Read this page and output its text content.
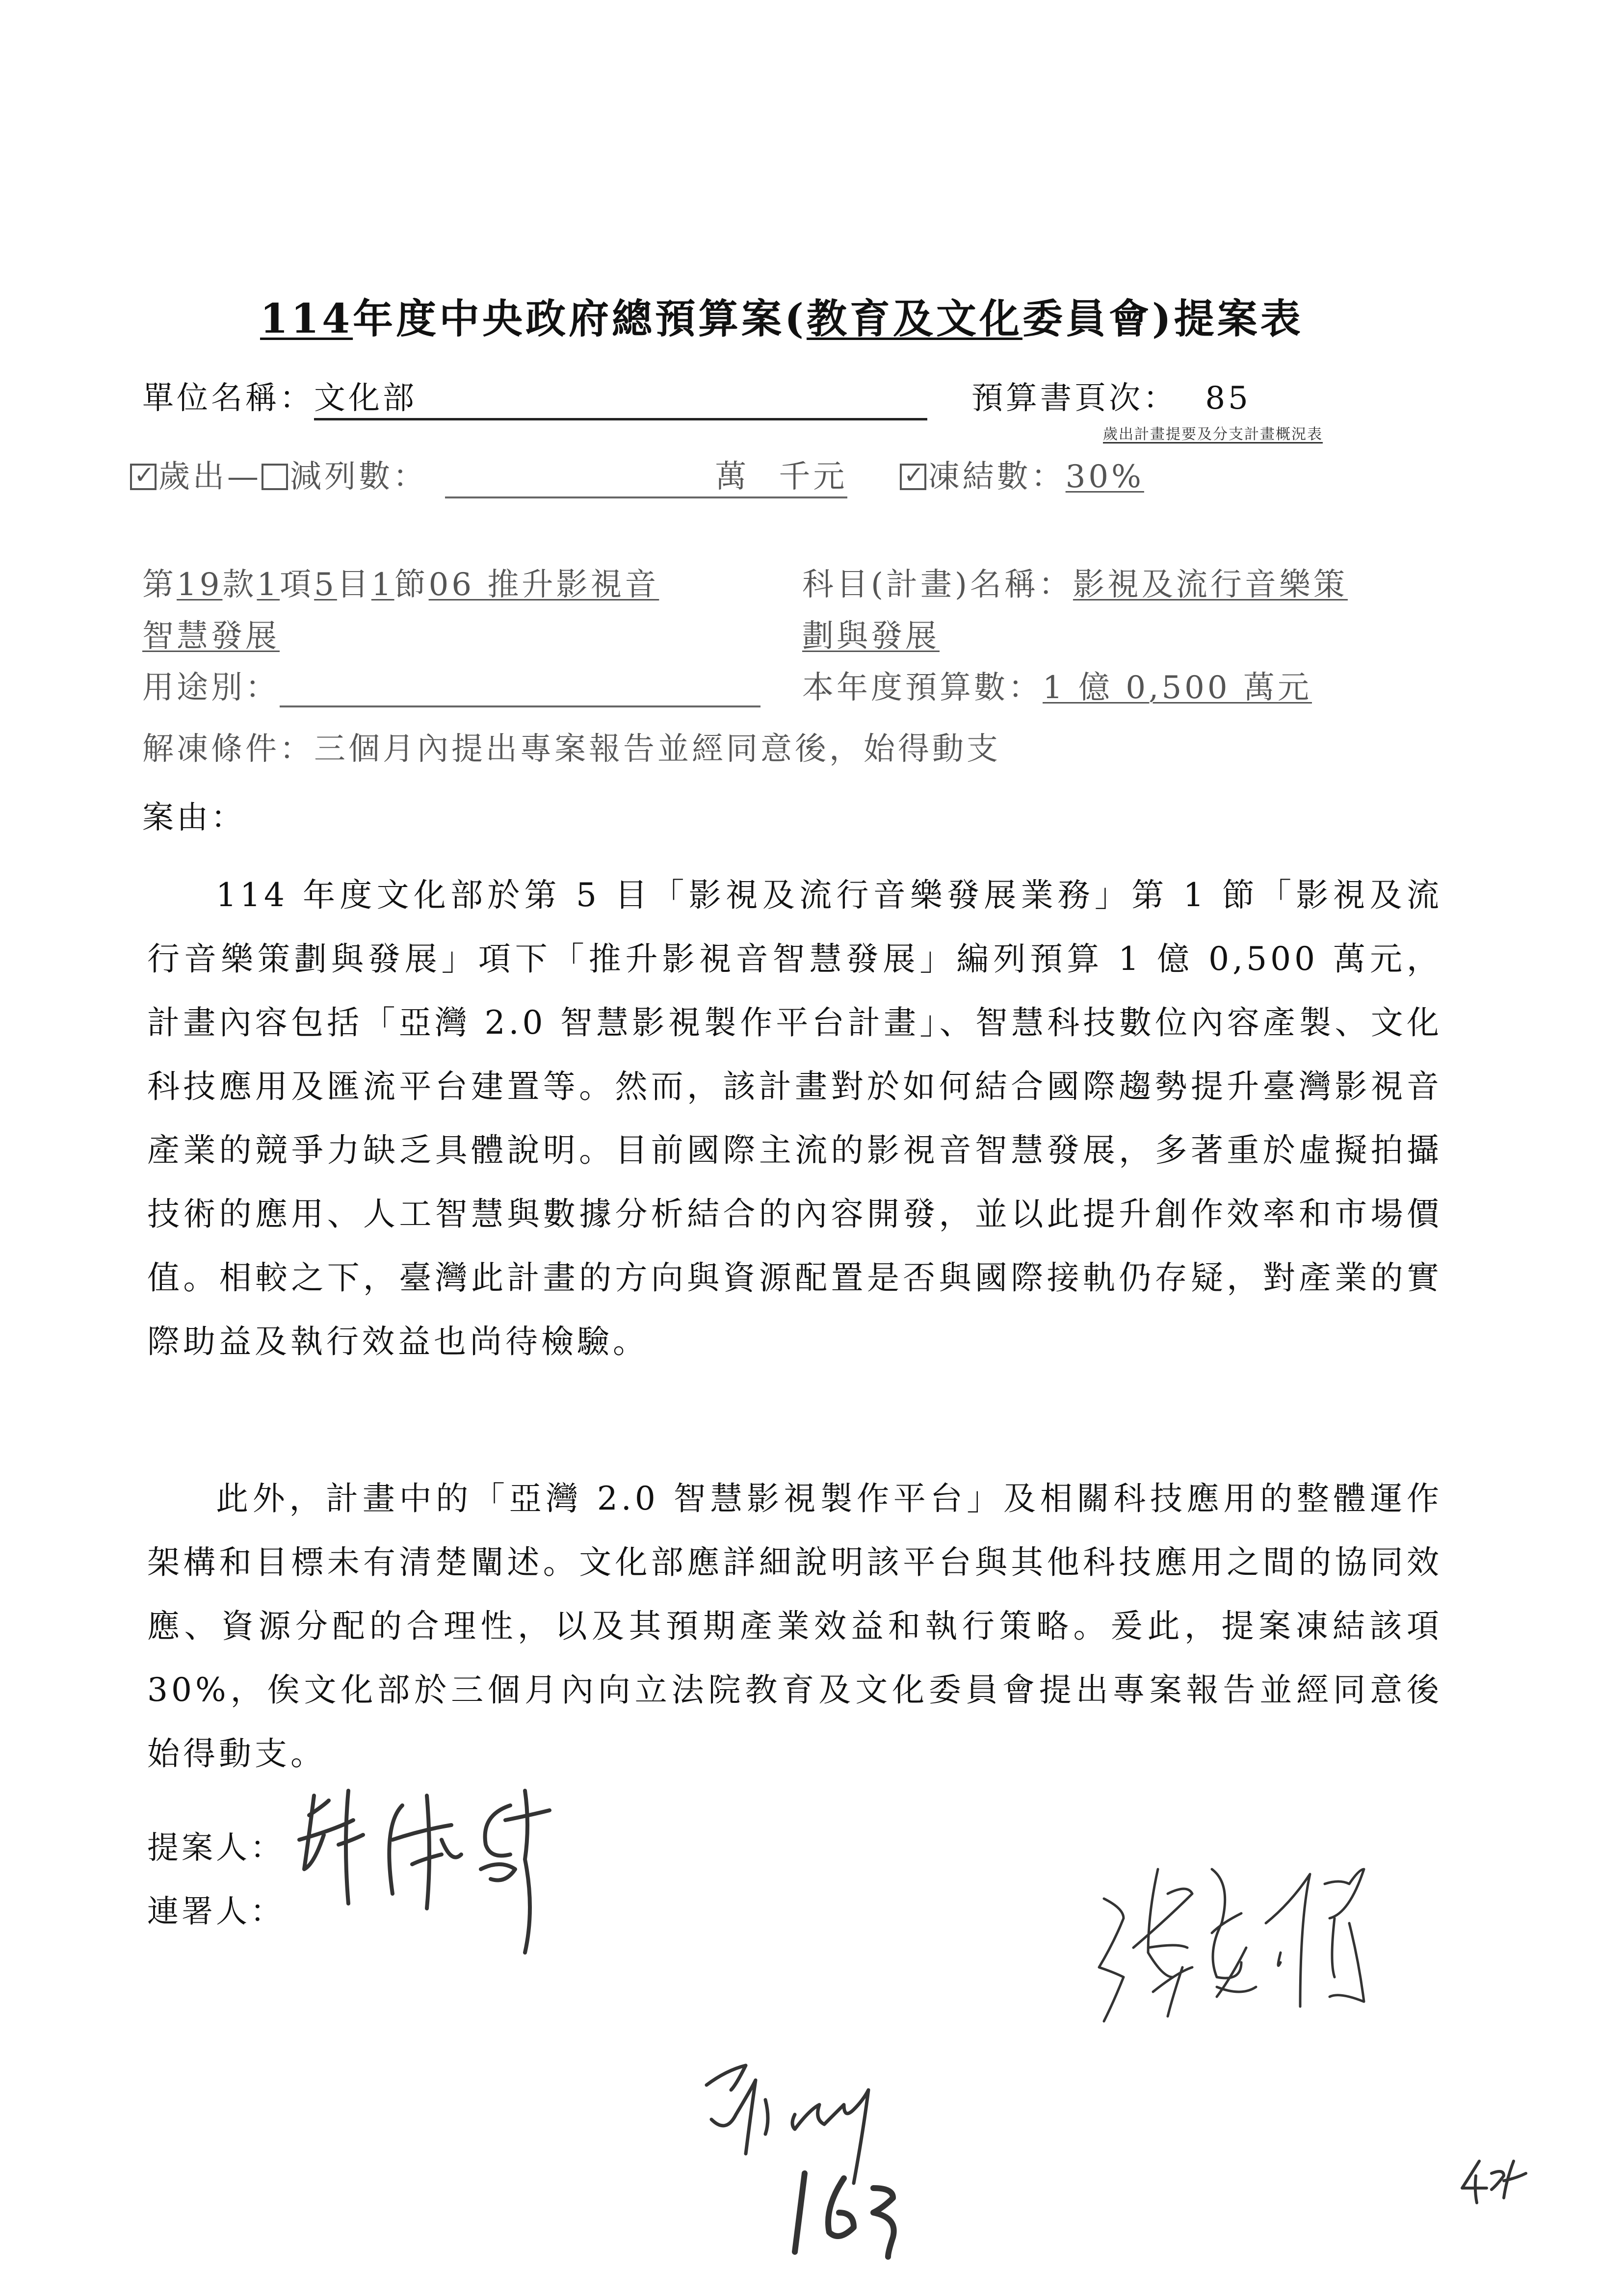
114年度中央政府總預算案(教育及文化委員會)提案表
單位名稱：文化部	預算書頁次： 85
歲出計畫提要及分支計畫概況表
✓歲出— 減列數：	萬 千元 ✓	凍結數：30%
第19款1項5目1節06 推升影視音
智慧發展
科目(計畫)名稱：影視及流行音樂策
劃與發展
用途別：	本年度預算數：1 億 0,500 萬元
解凍條件：三個月內提出專案報告並經同意後，始得動支
案由：

114 年度文化部於第 5 目「影視及流行音樂發展業務」第 1 節「影視及流行音樂策劃與發展」項下「推升影視音智慧發展」編列預算 1 億 0,500 萬元，計畫內容包括「亞灣 2.0 智慧影視製作平台計畫」、智慧科技數位內容產製、文化科技應用及匯流平台建置等。然而，該計畫對於如何結合國際趨勢提升臺灣影視音產業的競爭力缺乏具體說明。目前國際主流的影視音智慧發展，多著重於虛擬拍攝技術的應用、人工智慧與數據分析結合的內容開發，並以此提升創作效率和市場價值。相較之下，臺灣此計畫的方向與資源配置是否與國際接軌仍存疑，對產業的實際助益及執行效益也尚待檢驗。

此外，計畫中的「亞灣 2.0 智慧影視製作平台」及相關科技應用的整體運作架構和目標未有清楚闡述。文化部應詳細說明該平台與其他科技應用之間的協同效應、資源分配的合理性，以及其預期產業效益和執行策略。爰此，提案凍結該項 30%，俟文化部於三個月內向立法院教育及文化委員會提出專案報告並經同意後始得動支。

提案人：
連署人：
